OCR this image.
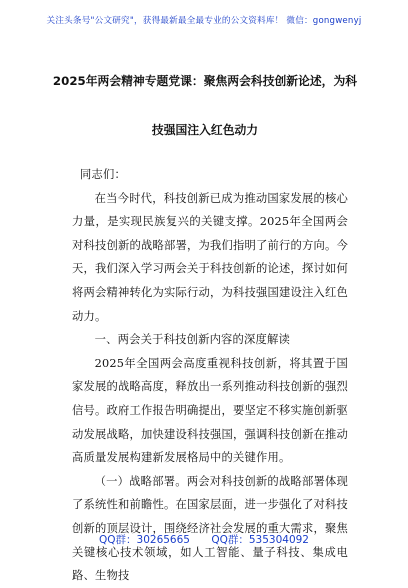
关注头条号"公文研究"，获得最新最全最专业的公文资料库！ 微信：gongwenyj
2025年两会精神专题党课：聚焦两会科技创新论述，为科
技强国注入红色动力

同志们：

在当今时代，科技创新已成为推动国家发展的核心力量，是实现民族复兴的关键支撑。2025年全国两会对科技创新的战略部署，为我们指明了前行的方向。今天，我们深入学习两会关于科技创新的论述，探讨如何将两会精神转化为实际行动，为科技强国建设注入红色动力。

一、两会关于科技创新内容的深度解读

2025年全国两会高度重视科技创新，将其置于国家发展的战略高度，释放出一系列推动科技创新的强烈信号。政府工作报告明确提出，要坚定不移实施创新驱动发展战略，加快建设科技强国，强调科技创新在推动高质量发展构建新发展格局中的关键作用。

（一）战略部署。两会对科技创新的战略部署体现了系统性和前瞻性。在国家层面，进一步强化了对科技创新的顶层设计，围绕经济社会发展的重大需求，聚焦关键核心技术领域，如人工智能、量子科技、集成电路、生物技

QQ群：30265665 QQ群：535304092
